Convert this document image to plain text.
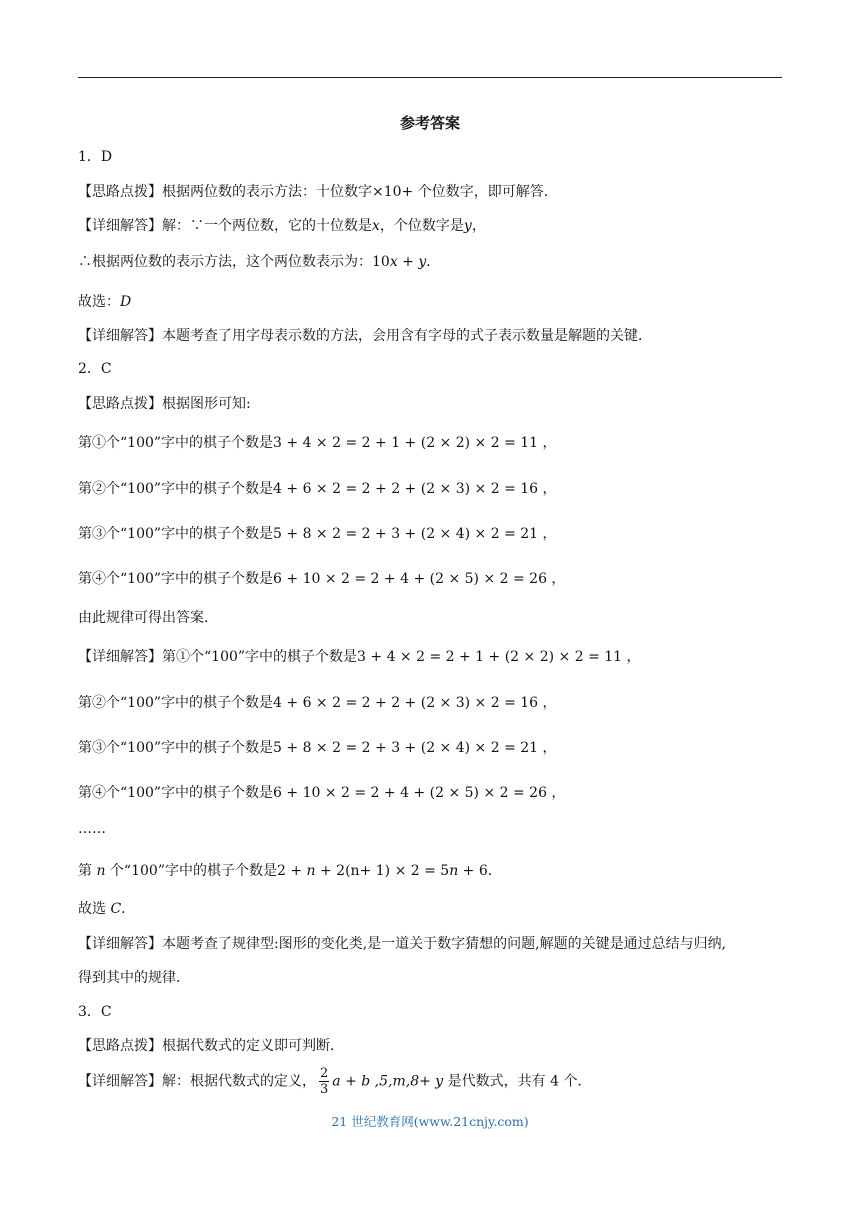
参考答案
1．D
【思路点拨】根据两位数的表示方法：十位数字×10+ 个位数字，即可解答．
【详细解答】解：∵一个两位数，它的十位数是x，个位数字是y，
∴根据两位数的表示方法，这个两位数表示为：10x + y．
故选：D
【详细解答】本题考查了用字母表示数的方法，会用含有字母的式子表示数量是解题的关键．
2．C
【思路点拨】根据图形可知:
第①个“100”字中的棋子个数是3 + 4 × 2 = 2 + 1 + (2 × 2) × 2 = 11 ，
第②个“100”字中的棋子个数是4 + 6 × 2 = 2 + 2 + (2 × 3) × 2 = 16 ，
第③个“100”字中的棋子个数是5 + 8 × 2 = 2 + 3 + (2 × 4) × 2 = 21 ，
第④个“100”字中的棋子个数是6 + 10 × 2 = 2 + 4 + (2 × 5) × 2 = 26 ，
由此规律可得出答案．
【详细解答】第①个“100”字中的棋子个数是3 + 4 × 2 = 2 + 1 + (2 × 2) × 2 = 11 ，
第②个“100”字中的棋子个数是4 + 6 × 2 = 2 + 2 + (2 × 3) × 2 = 16 ，
第③个“100”字中的棋子个数是5 + 8 × 2 = 2 + 3 + (2 × 4) × 2 = 21 ，
第④个“100”字中的棋子个数是6 + 10 × 2 = 2 + 4 + (2 × 5) × 2 = 26 ，
……
第 n 个“100”字中的棋子个数是2 + n + 2(n+ 1) × 2 = 5n + 6．
故选 C．
【详细解答】本题考查了规律型:图形的变化类,是一道关于数字猜想的问题,解题的关键是通过总结与归纳,
得到其中的规律．
3．C
【思路点拨】根据代数式的定义即可判断．
【详细解答】解：根据代数式的定义， $\frac{2}{3}$ a + b ,5,m,8+ y 是代数式，共有 4 个．
21 世纪教育网(www.21cnjy.com)
